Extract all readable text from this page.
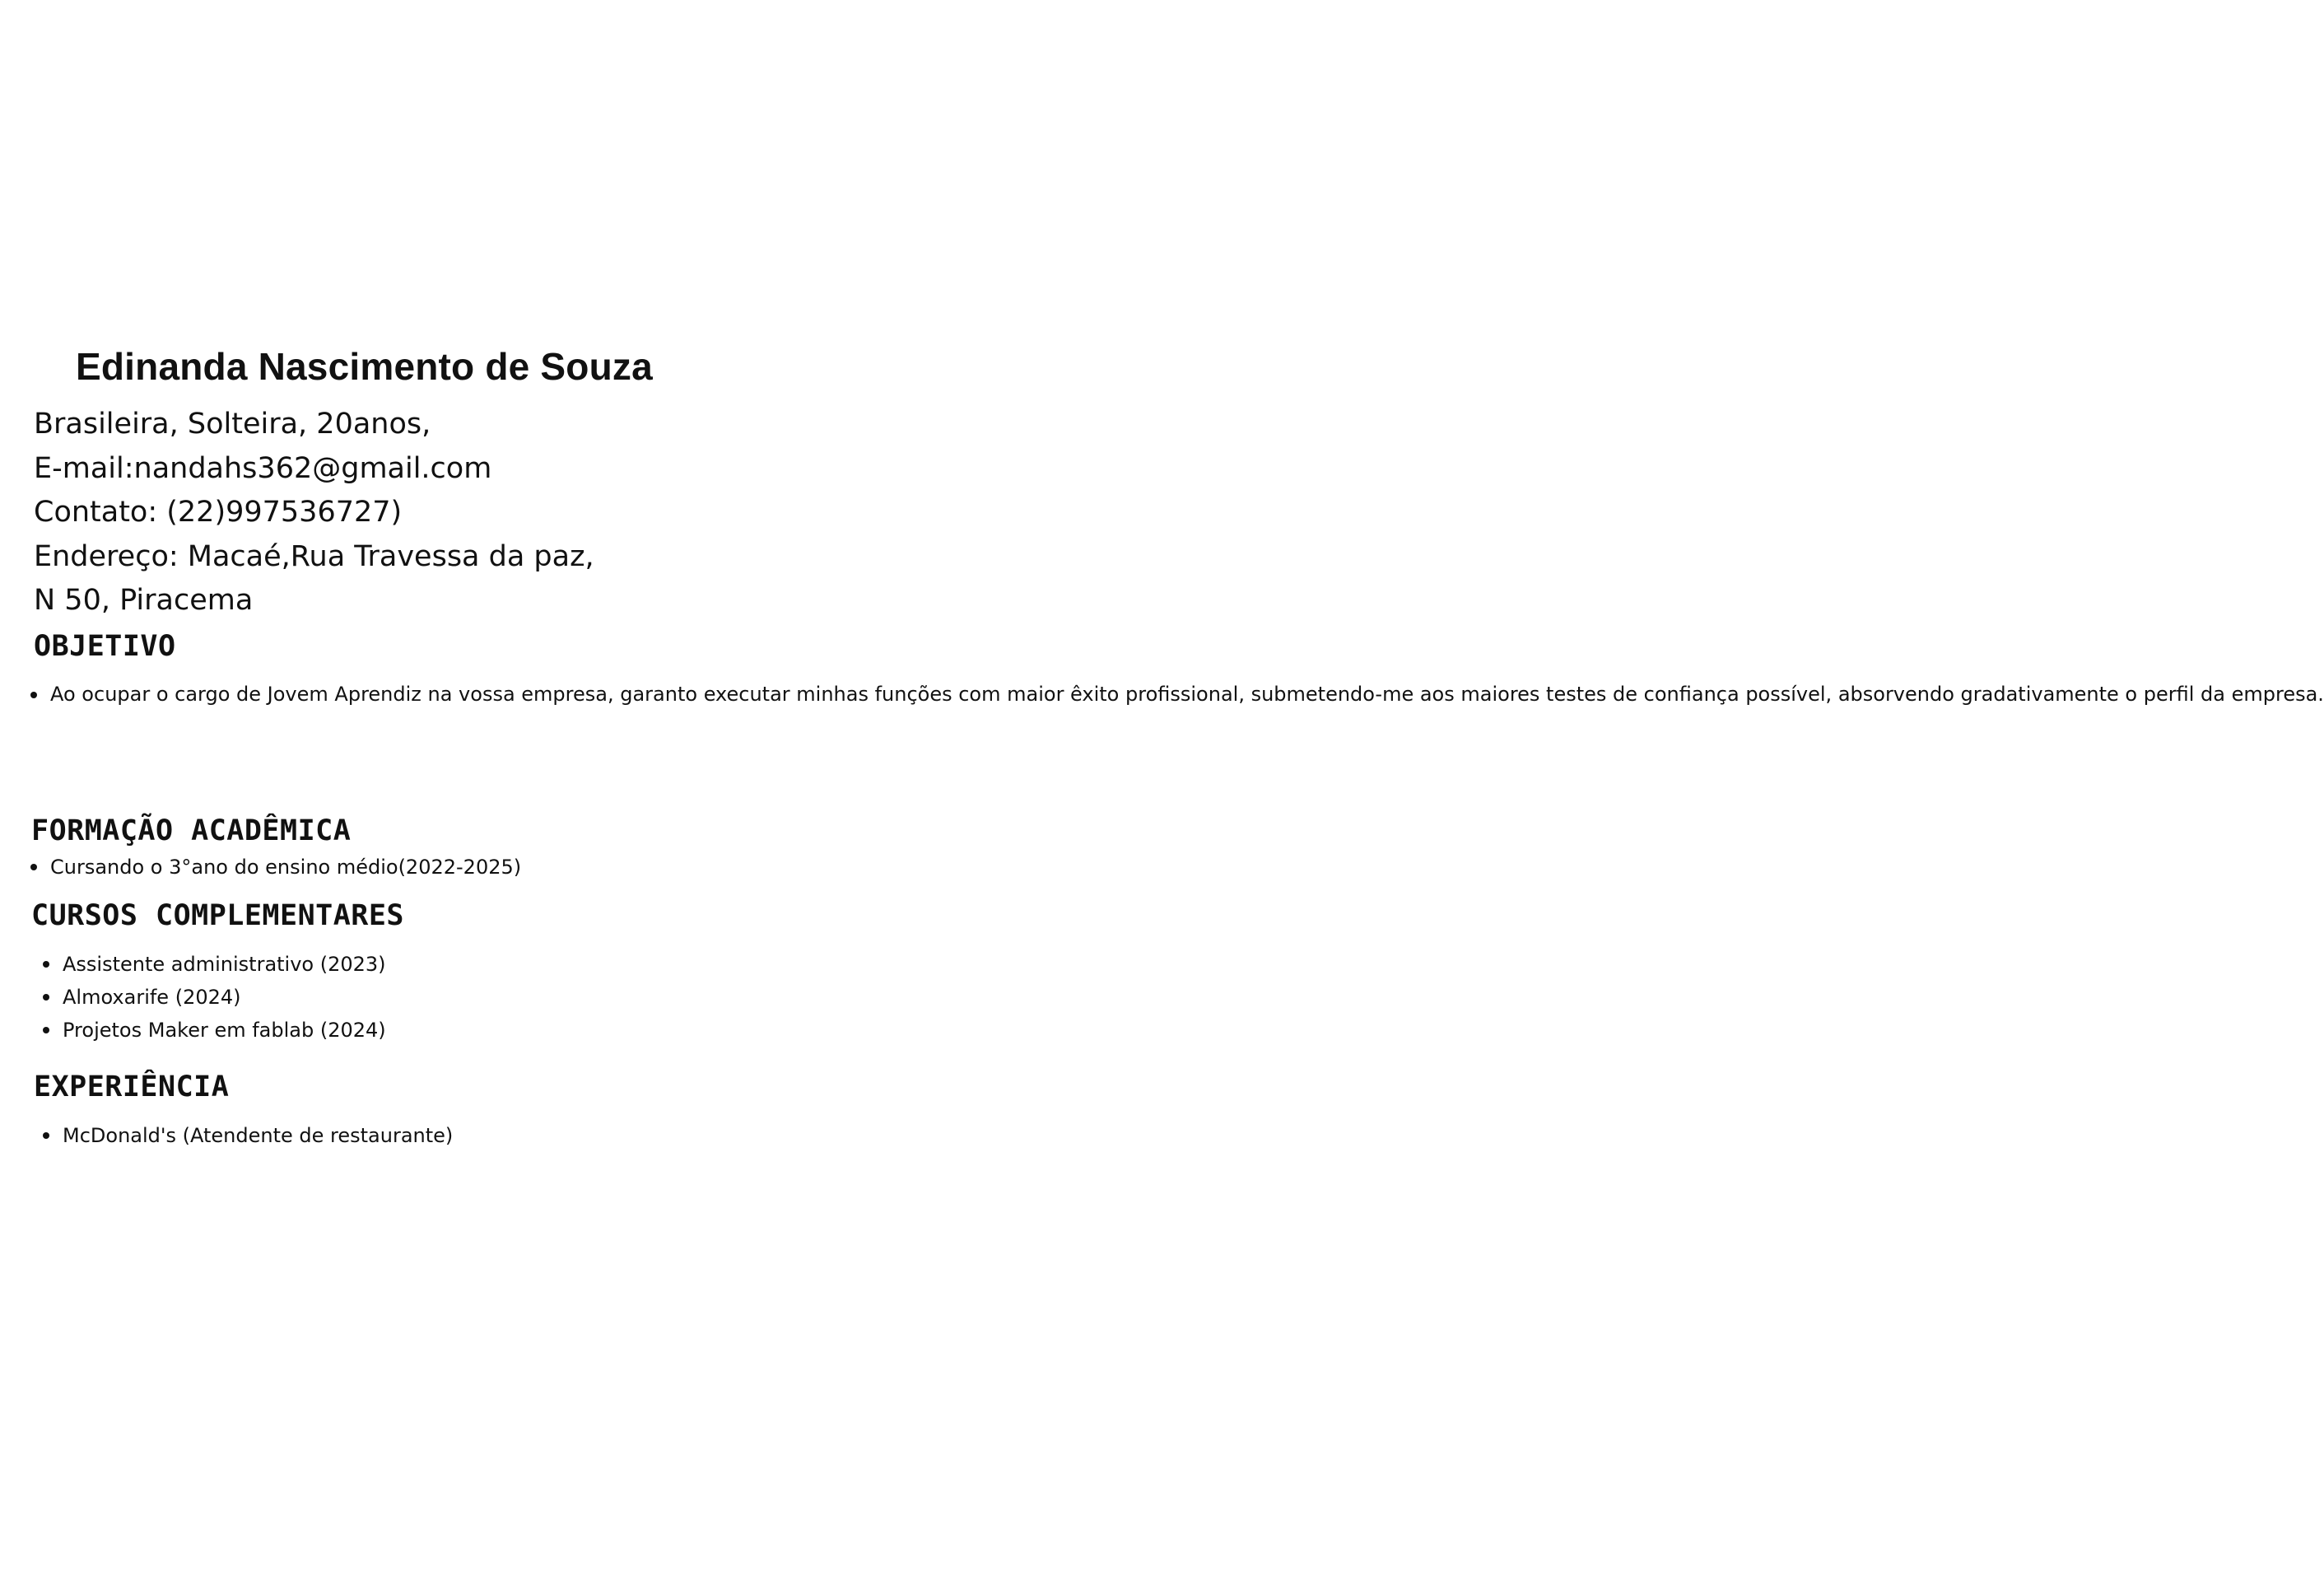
Edinanda Nascimento de Souza
Brasileira, Solteira, 20anos,
E-mail:nandahs362@gmail.com
Contato: (22)997536727)
Endereço: Macaé,Rua Travessa da paz,
N 50, Piracema
OBJETIVO
Ao ocupar o cargo de Jovem Aprendiz na vossa empresa, garanto executar minhas funções com maior êxito profissional, submetendo-me aos maiores testes de confiança possível, absorvendo gradativamente o perfil da empresa.
FORMAÇÃO ACADÊMICA
Cursando o 3°ano do ensino médio(2022-2025)
CURSOS COMPLEMENTARES
Assistente administrativo (2023)
Almoxarife (2024)
Projetos Maker em fablab (2024)
EXPERIÊNCIA
McDonald's (Atendente de restaurante)
